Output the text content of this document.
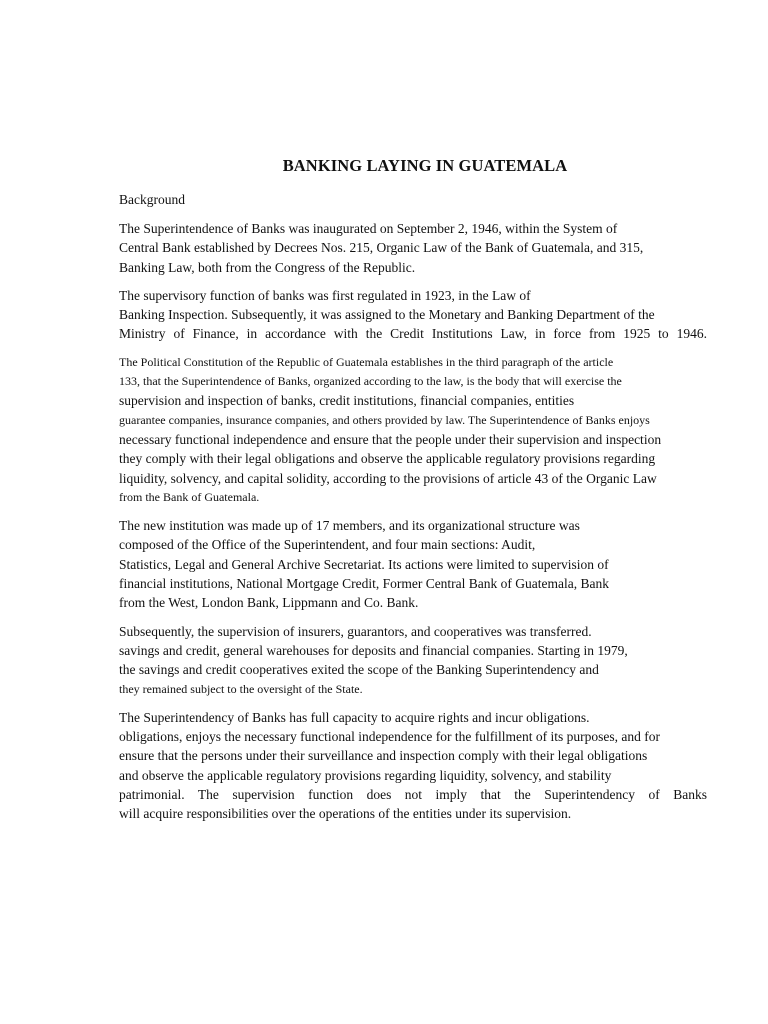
BANKING LAYING IN GUATEMALA
Background
The Superintendence of Banks was inaugurated on September 2, 1946, within the System of
Central Bank established by Decrees Nos. 215, Organic Law of the Bank of Guatemala, and 315,
Banking Law, both from the Congress of the Republic.
The supervisory function of banks was first regulated in 1923, in the Law of
Banking Inspection. Subsequently, it was assigned to the Monetary and Banking Department of the
Ministry of Finance, in accordance with the Credit Institutions Law, in force from 1925 to 1946.
The Political Constitution of the Republic of Guatemala establishes in the third paragraph of the article
133, that the Superintendence of Banks, organized according to the law, is the body that will exercise the
supervision and inspection of banks, credit institutions, financial companies, entities
guarantee companies, insurance companies, and others provided by law. The Superintendence of Banks enjoys
necessary functional independence and ensure that the people under their supervision and inspection
they comply with their legal obligations and observe the applicable regulatory provisions regarding
liquidity, solvency, and capital solidity, according to the provisions of article 43 of the Organic Law
from the Bank of Guatemala.
The new institution was made up of 17 members, and its organizational structure was
composed of the Office of the Superintendent, and four main sections: Audit,
Statistics, Legal and General Archive Secretariat. Its actions were limited to supervision of
financial institutions, National Mortgage Credit, Former Central Bank of Guatemala, Bank
from the West, London Bank, Lippmann and Co. Bank.
Subsequently, the supervision of insurers, guarantors, and cooperatives was transferred.
savings and credit, general warehouses for deposits and financial companies. Starting in 1979,
the savings and credit cooperatives exited the scope of the Banking Superintendency and
they remained subject to the oversight of the State.
The Superintendency of Banks has full capacity to acquire rights and incur obligations.
obligations, enjoys the necessary functional independence for the fulfillment of its purposes, and for
ensure that the persons under their surveillance and inspection comply with their legal obligations
and observe the applicable regulatory provisions regarding liquidity, solvency, and stability
patrimonial. The supervision function does not imply that the Superintendency of Banks
will acquire responsibilities over the operations of the entities under its supervision.
